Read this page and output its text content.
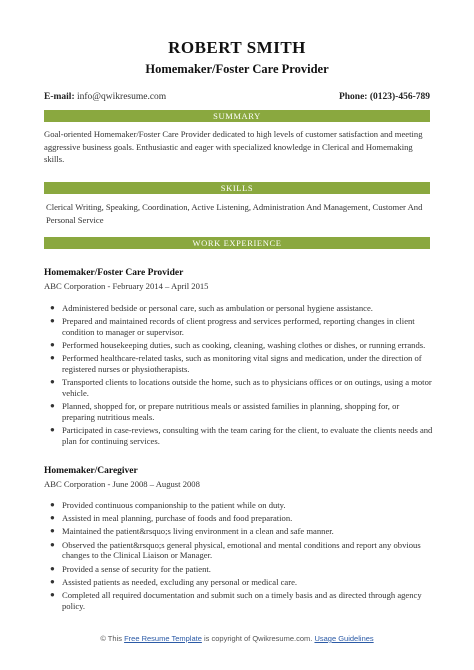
ROBERT SMITH
Homemaker/Foster Care Provider
E-mail: info@qwikresume.com	Phone: (0123)-456-789
SUMMARY
Goal-oriented Homemaker/Foster Care Provider dedicated to high levels of customer satisfaction and meeting aggressive business goals. Enthusiastic and eager with specialized knowledge in Clerical and Homemaking skills.
SKILLS
Clerical Writing, Speaking, Coordination, Active Listening, Administration And Management, Customer And Personal Service
WORK EXPERIENCE
Homemaker/Foster Care Provider
ABC Corporation - February 2014 – April 2015
● Administered bedside or personal care, such as ambulation or personal hygiene assistance.
● Prepared and maintained records of client progress and services performed, reporting changes in client condition to manager or supervisor.
● Performed housekeeping duties, such as cooking, cleaning, washing clothes or dishes, or running errands.
● Performed healthcare-related tasks, such as monitoring vital signs and medication, under the direction of registered nurses or physiotherapists.
● Transported clients to locations outside the home, such as to physicians offices or on outings, using a motor vehicle.
● Planned, shopped for, or prepare nutritious meals or assisted families in planning, shopping for, or preparing nutritious meals.
● Participated in case-reviews, consulting with the team caring for the client, to evaluate the clients needs and plan for continuing services.
Homemaker/Caregiver
ABC Corporation - June 2008 – August 2008
● Provided continuous companionship to the patient while on duty.
● Assisted in meal planning, purchase of foods and food preparation.
● Maintained the patient&rsquo;s living environment in a clean and safe manner.
● Observed the patient&rsquo;s general physical, emotional and mental conditions and report any obvious changes to the Clinical Liaison or Manager.
● Provided a sense of security for the patient.
● Assisted patients as needed, excluding any personal or medical care.
● Completed all required documentation and submit such on a timely basis and as directed through agency policy.
© This Free Resume Template is copyright of Qwikresume.com. Usage Guidelines
